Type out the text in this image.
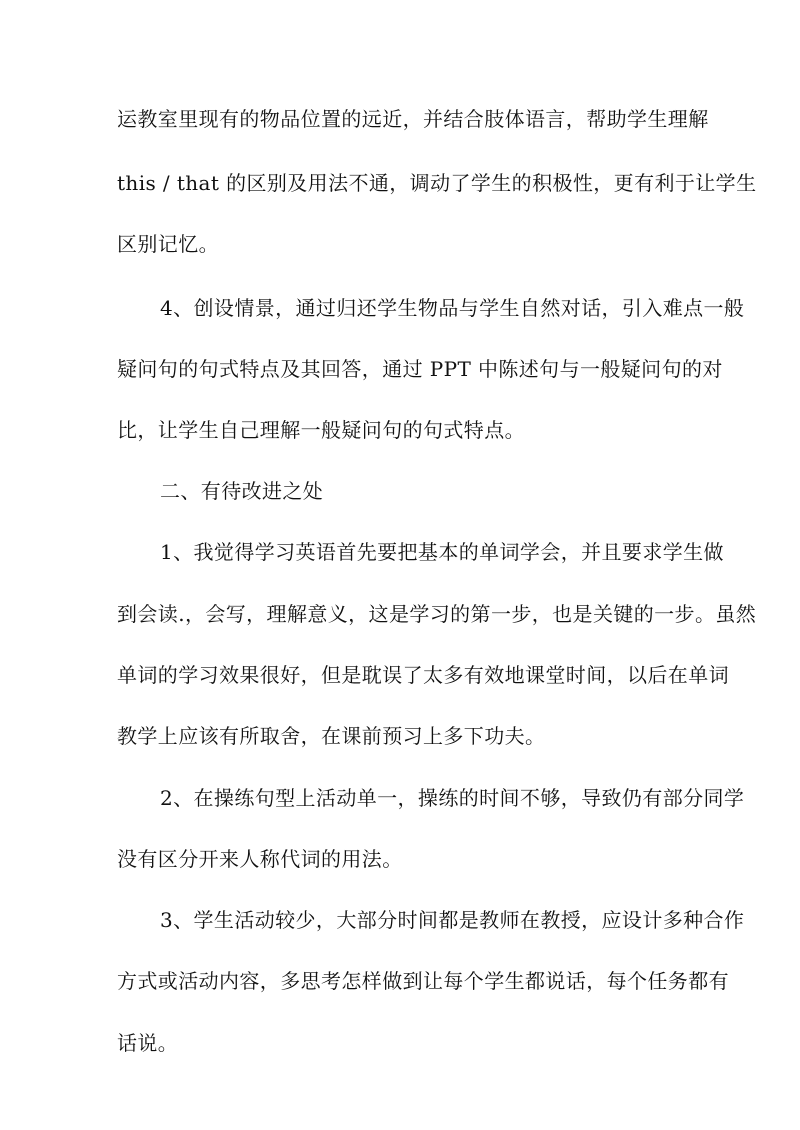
运教室里现有的物品位置的远近，并结合肢体语言，帮助学生理解
this / that 的区别及用法不通，调动了学生的积极性，更有利于让学生
区别记忆。
4、创设情景，通过归还学生物品与学生自然对话，引入难点一般
疑问句的句式特点及其回答，通过 PPT 中陈述句与一般疑问句的对
比，让学生自己理解一般疑问句的句式特点。
二、有待改进之处
1、我觉得学习英语首先要把基本的单词学会，并且要求学生做
到会读.，会写，理解意义，这是学习的第一步，也是关键的一步。虽然
单词的学习效果很好，但是耽误了太多有效地课堂时间，以后在单词
教学上应该有所取舍，在课前预习上多下功夫。
2、在操练句型上活动单一，操练的时间不够，导致仍有部分同学
没有区分开来人称代词的用法。
3、学生活动较少，大部分时间都是教师在教授，应设计多种合作
方式或活动内容，多思考怎样做到让每个学生都说话，每个任务都有
话说。
